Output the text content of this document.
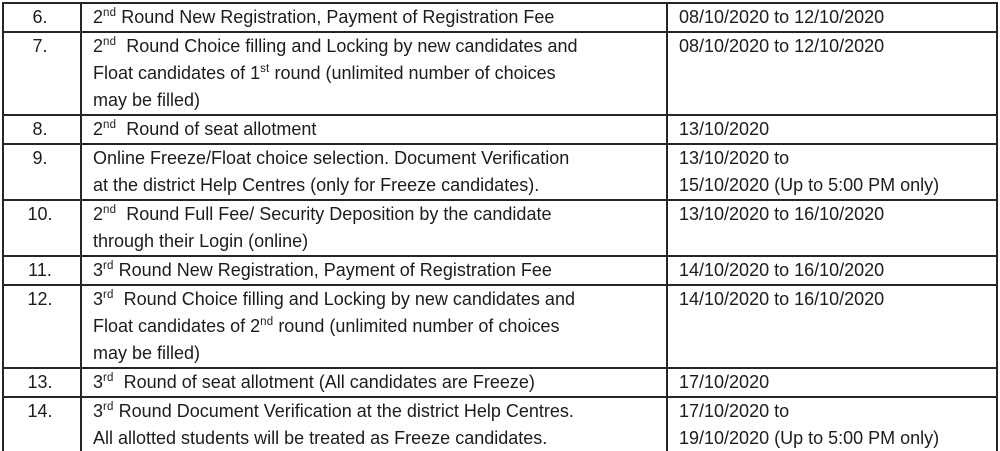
6.	2nd Round New Registration, Payment of Registration Fee	08/10/2020 to 12/10/2020
7.	2nd  Round Choice filling and Locking by new candidates and
Float candidates of 1st round (unlimited number of choices
may be filled)	08/10/2020 to 12/10/2020
8.	2nd  Round of seat allotment	13/10/2020
9.	Online Freeze/Float choice selection. Document Verification
at the district Help Centres (only for Freeze candidates).	13/10/2020 to
15/10/2020 (Up to 5:00 PM only)
10.	2nd  Round Full Fee/ Security Deposition by the candidate
through their Login (online)	13/10/2020 to 16/10/2020
11.	3rd Round New Registration, Payment of Registration Fee	14/10/2020 to 16/10/2020
12.	3rd  Round Choice filling and Locking by new candidates and
Float candidates of 2nd round (unlimited number of choices
may be filled)	14/10/2020 to 16/10/2020
13.	3rd  Round of seat allotment (All candidates are Freeze)	17/10/2020
14.	3rd Round Document Verification at the district Help Centres.
All allotted students will be treated as Freeze candidates.	17/10/2020 to
19/10/2020 (Up to 5:00 PM only)
